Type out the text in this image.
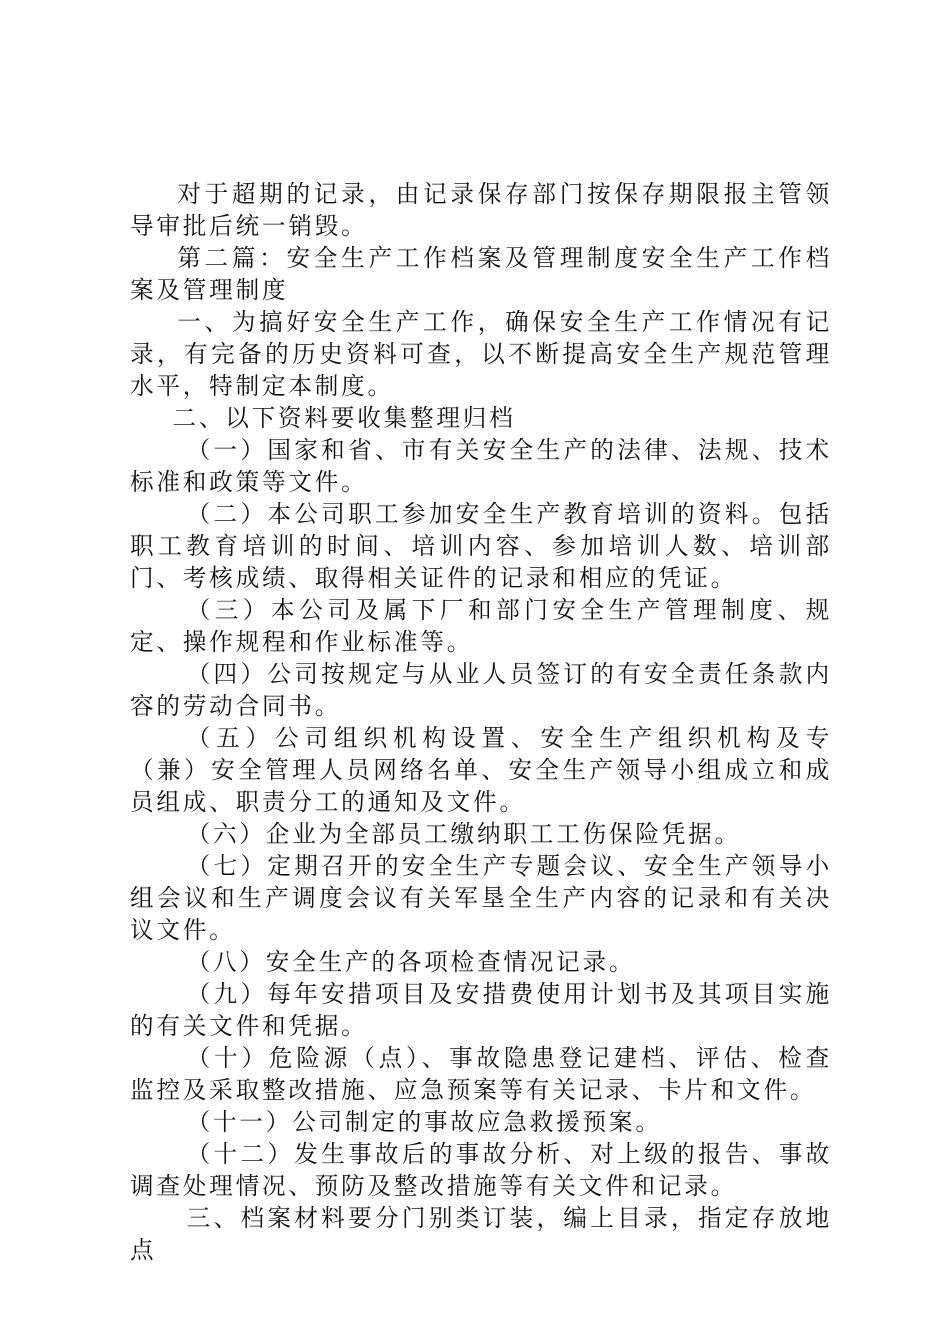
对于超期的记录，由记录保存部门按保存期限报主管领导审批后统一销毁。

第二篇：安全生产工作档案及管理制度安全生产工作档案及管理制度

一、为搞好安全生产工作，确保安全生产工作情况有记录，有完备的历史资料可查，以不断提高安全生产规范管理水平，特制定本制度。

二、以下资料要收集整理归档

（一）国家和省、市有关安全生产的法律、法规、技术标准和政策等文件。

（二）本公司职工参加安全生产教育培训的资料。包括职工教育培训的时间、培训内容、参加培训人数、培训部门、考核成绩、取得相关证件的记录和相应的凭证。

（三）本公司及属下厂和部门安全生产管理制度、规定、操作规程和作业标准等。

（四）公司按规定与从业人员签订的有安全责任条款内容的劳动合同书。

（五）公司组织机构设置、安全生产组织机构及专（兼）安全管理人员网络名单、安全生产领导小组成立和成员组成、职责分工的通知及文件。

（六）企业为全部员工缴纳职工工伤保险凭据。

（七）定期召开的安全生产专题会议、安全生产领导小组会议和生产调度会议有关军垦全生产内容的记录和有关决议文件。

（八）安全生产的各项检查情况记录。

（九）每年安措项目及安措费使用计划书及其项目实施的有关文件和凭据。

（十）危险源（点）、事故隐患登记建档、评估、检查监控及采取整改措施、应急预案等有关记录、卡片和文件。

（十一）公司制定的事故应急救援预案。

（十二）发生事故后的事故分析、对上级的报告、事故调查处理情况、预防及整改措施等有关文件和记录。

三、档案材料要分门别类订装，编上目录，指定存放地点
